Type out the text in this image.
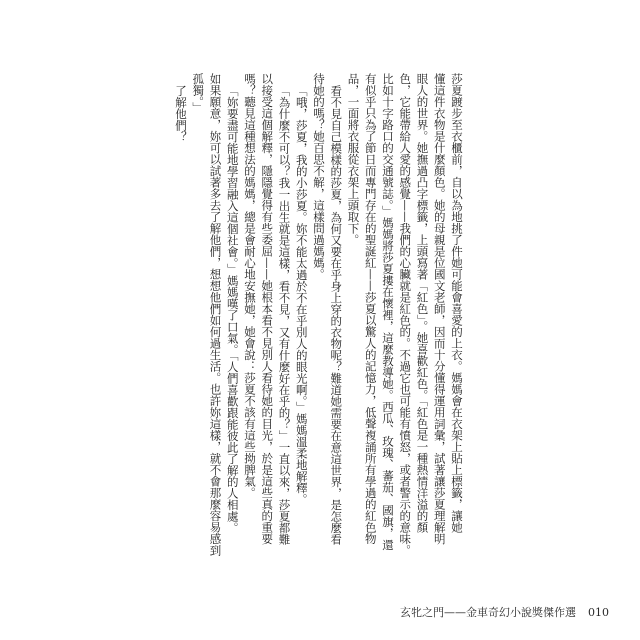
莎夏踱步至衣櫃前，自以為地挑了件她可能會喜愛的上衣。媽媽會在衣架上貼上標籤，讓她
懂這件衣物是什麼顏色。她的母親是位國文老師，因而十分懂得運用詞彙，試著讓莎夏理解明
眼人的世界。她撫過凸字標籤，上頭寫著「紅色」。她喜歡紅色。「紅色是一種熱情洋溢的顏
色，它能帶給人愛的感覺——我們的心臟就是紅色的。不過它也可能有憤怒，或者警示的意味。
比如十字路口的交通號誌。」媽媽將莎夏摟在懷裡，這麼教導她。西瓜、玫瑰、蕃茄、國旗，還
有似乎只為了節日而專門存在的聖誕紅——莎夏以驚人的記憶力，低聲複誦所有學過的紅色物
品，一面將衣服從衣架上頭取下。
看不見自己模樣的莎夏，為何又要在乎身上穿的衣物呢？難道她需要在意這世界，是怎麼看
待她的嗎？她百思不解，這樣問過媽媽。
「哦，莎夏，我的小莎夏。妳不能太過於不在乎別人的眼光啊。」媽媽溫柔地解釋。
「為什麼不可以？我一出生就是這樣，看不見，又有什麼好在乎的？」一直以來，莎夏都難
以接受這個解釋，隱隱覺得有些委屈——她根本看不見別人看待她的目光，於是這些真的重要
嗎？聽見這種想法的媽媽，總是會耐心地安撫她，她會說：莎夏不該有這些拗脾氣。
「妳要盡可能地學習融入這個社會。」媽媽嘆了口氣。「人們喜歡跟能彼此了解的人相處。
如果願意，妳可以試著多去了解他們，想想他們如何過生活。也許妳這樣，就不會那麼容易感到
孤獨。」
了解他們？
玄牝之門——金車奇幻小說獎傑作選 010
